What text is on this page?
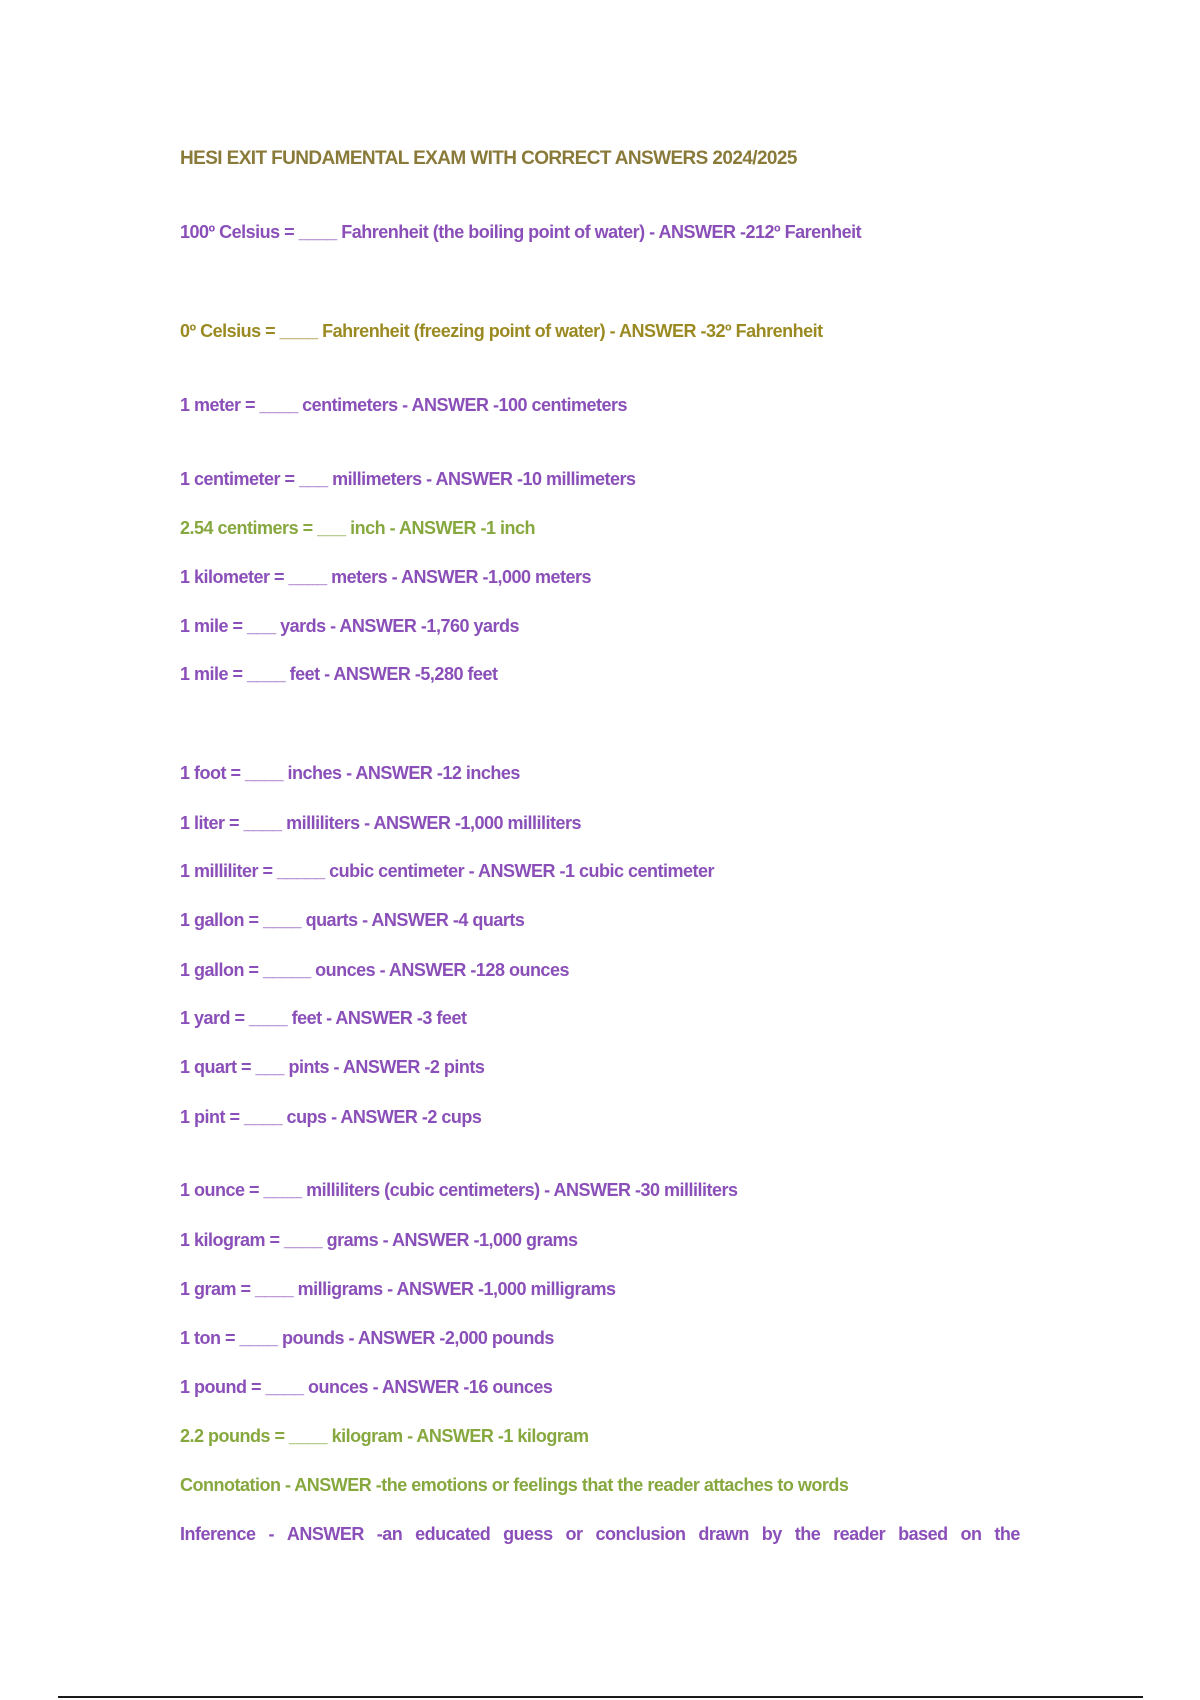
HESI EXIT FUNDAMENTAL EXAM WITH CORRECT ANSWERS 2024/2025
100º Celsius = ____ Fahrenheit (the boiling point of water) - ANSWER -212º Farenheit
0º Celsius = ____ Fahrenheit (freezing point of water) - ANSWER -32º Fahrenheit
1 meter = ____ centimeters - ANSWER -100 centimeters
1 centimeter = ___ millimeters - ANSWER -10 millimeters
2.54 centimers = ___ inch - ANSWER -1 inch
1 kilometer = ____ meters - ANSWER -1,000 meters
1 mile = ___ yards - ANSWER -1,760 yards
1 mile = ____ feet - ANSWER -5,280 feet
1 foot = ____ inches - ANSWER -12 inches
1 liter = ____ milliliters - ANSWER -1,000 milliliters
1 milliliter = _____ cubic centimeter - ANSWER -1 cubic centimeter
1 gallon = ____ quarts - ANSWER -4 quarts
1 gallon = _____ ounces - ANSWER -128 ounces
1 yard = ____ feet - ANSWER -3 feet
1 quart = ___ pints - ANSWER -2 pints
1 pint = ____ cups - ANSWER -2 cups
1 ounce = ____ milliliters (cubic centimeters) - ANSWER -30 milliliters
1 kilogram = ____ grams - ANSWER -1,000 grams
1 gram = ____ milligrams - ANSWER -1,000 milligrams
1 ton = ____ pounds - ANSWER -2,000 pounds
1 pound = ____ ounces - ANSWER -16 ounces
2.2 pounds = ____ kilogram - ANSWER -1 kilogram
Connotation - ANSWER -the emotions or feelings that the reader attaches to words
Inference - ANSWER -an educated guess or conclusion drawn by the reader based on the
